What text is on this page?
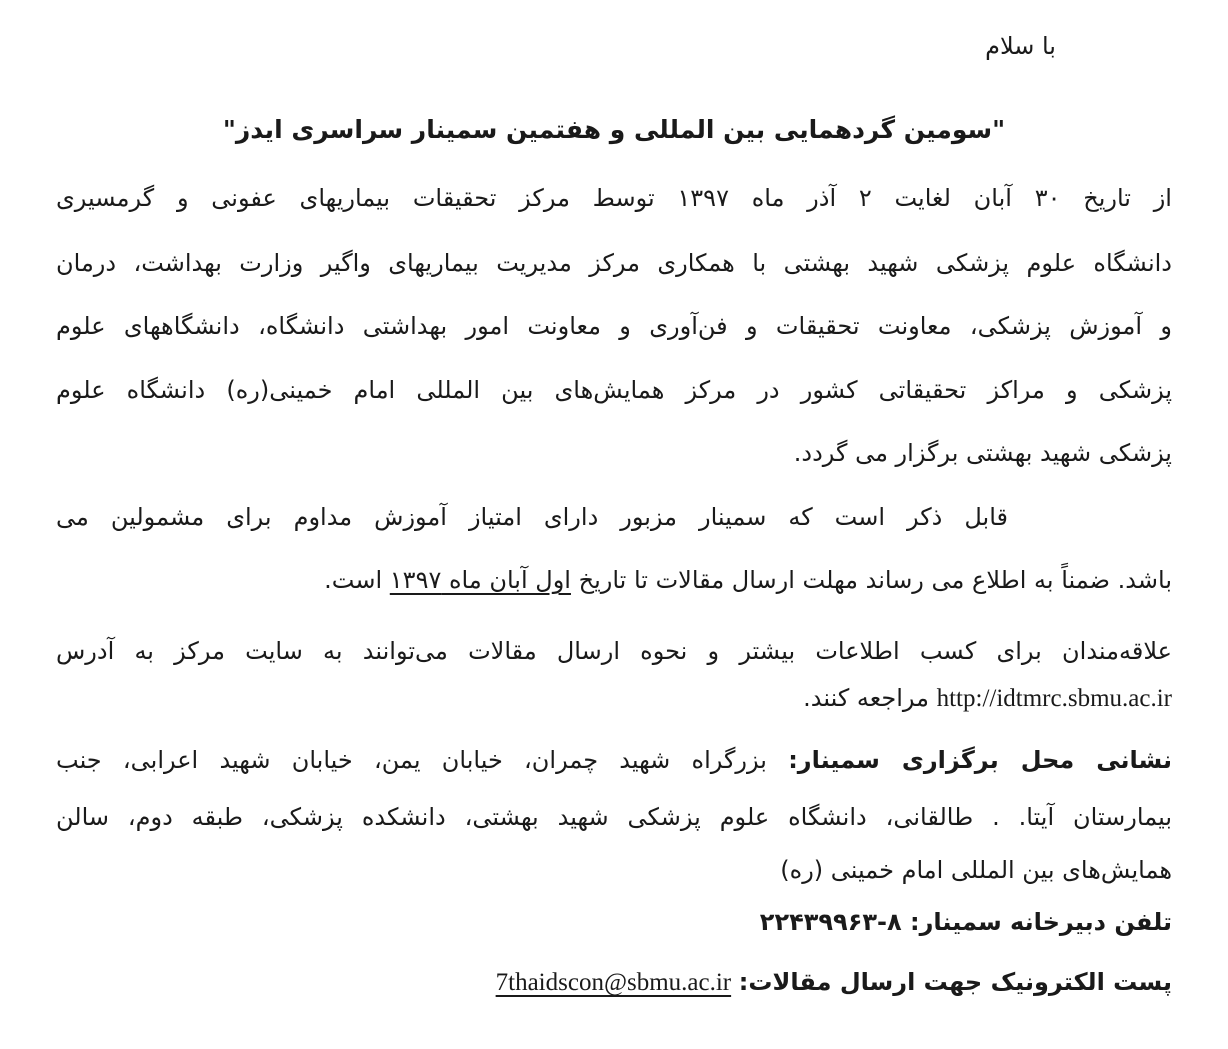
با سلام
"سومین گردهمایی بین المللی و هفتمین سمینار سراسری ایدز"
از تاریخ ۳۰ آبان لغایت ۲ آذر ماه ۱۳۹۷ توسط مرکز تحقیقات بیماریهای عفونی و گرمسیری
دانشگاه علوم پزشکی شهید بهشتی با همکاری مرکز مدیریت بیماریهای واگیر وزارت بهداشت، درمان
و آموزش پزشکی، معاونت تحقیقات و فن‌آوری و معاونت امور بهداشتی دانشگاه، دانشگاههای علوم
پزشکی و مراکز تحقیقاتی کشور در مرکز همایش‌های بین المللی امام خمینی(ره) دانشگاه علوم
پزشکی شهید بهشتی برگزار می گردد.
قابل ذکر است که سمینار مزبور دارای امتیاز آموزش مداوم برای مشمولین می
باشد. ضمناً به اطلاع می رساند مهلت ارسال مقالات تا تاریخ اول آبان ماه ۱۳۹۷ است.
علاقه‌مندان برای کسب اطلاعات بیشتر و نحوه ارسال مقالات می‌توانند به سایت مرکز به آدرس
http://idtmrc.sbmu.ac.ir مراجعه کنند.
نشانی محل برگزاری سمینار: بزرگراه شهید چمران، خیابان یمن، خیابان شهید اعرابی، جنب
بیمارستان آیتا. . طالقانی، دانشگاه علوم پزشکی شهید بهشتی، دانشکده پزشکی، طبقه دوم، سالن
همایش‌های بین المللی امام خمینی (ره)
تلفن دبیرخانه سمینار: ۸-۲۲۴۳۹۹۶۳
پست الکترونیک جهت ارسال مقالات: 7thaidscon@sbmu.ac.ir
